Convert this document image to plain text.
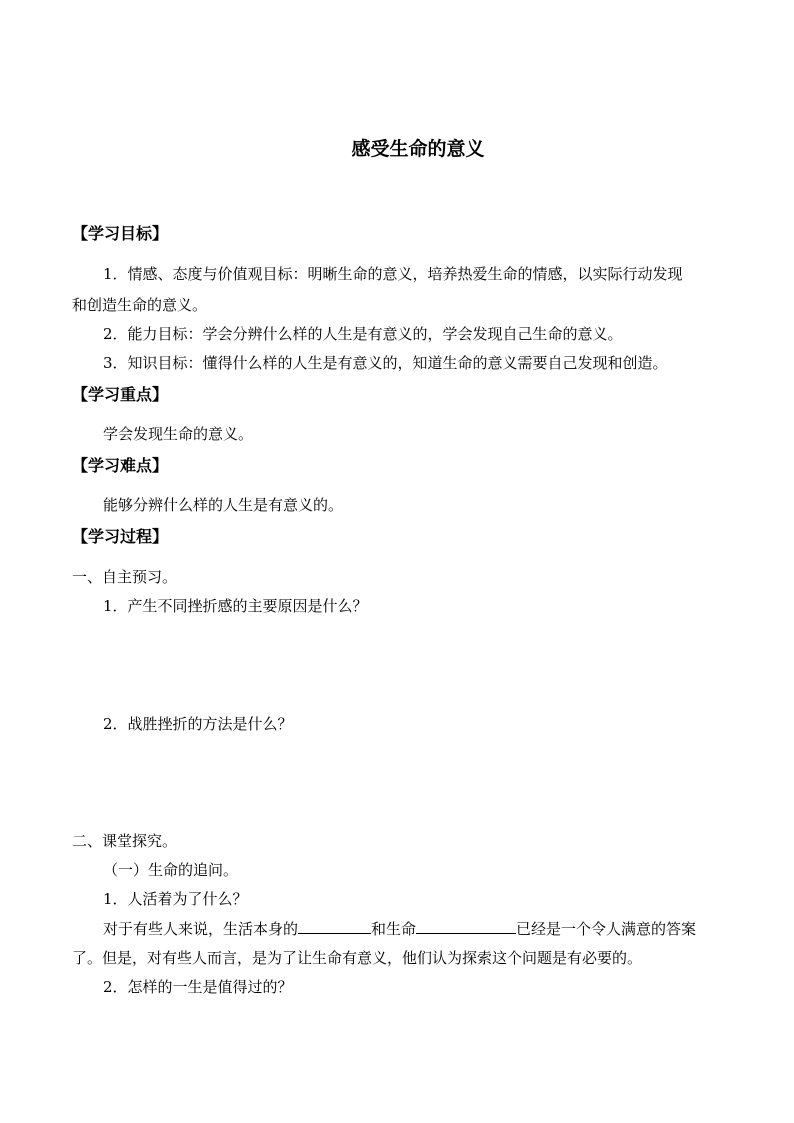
感受生命的意义
【学习目标】
1．情感、态度与价值观目标：明晰生命的意义，培养热爱生命的情感，以实际行动发现
和创造生命的意义。
2．能力目标：学会分辨什么样的人生是有意义的，学会发现自己生命的意义。
3．知识目标：懂得什么样的人生是有意义的，知道生命的意义需要自己发现和创造。
【学习重点】
学会发现生命的意义。
【学习难点】
能够分辨什么样的人生是有意义的。
【学习过程】
一、自主预习。
1．产生不同挫折感的主要原因是什么？
2．战胜挫折的方法是什么？
二、课堂探究。
（一）生命的追问。
1．人活着为了什么？
对于有些人来说，生活本身的	和生命	已经是一个令人满意的答案
了。但是，对有些人而言，是为了让生命有意义，他们认为探索这个问题是有必要的。
2．怎样的一生是值得过的？
